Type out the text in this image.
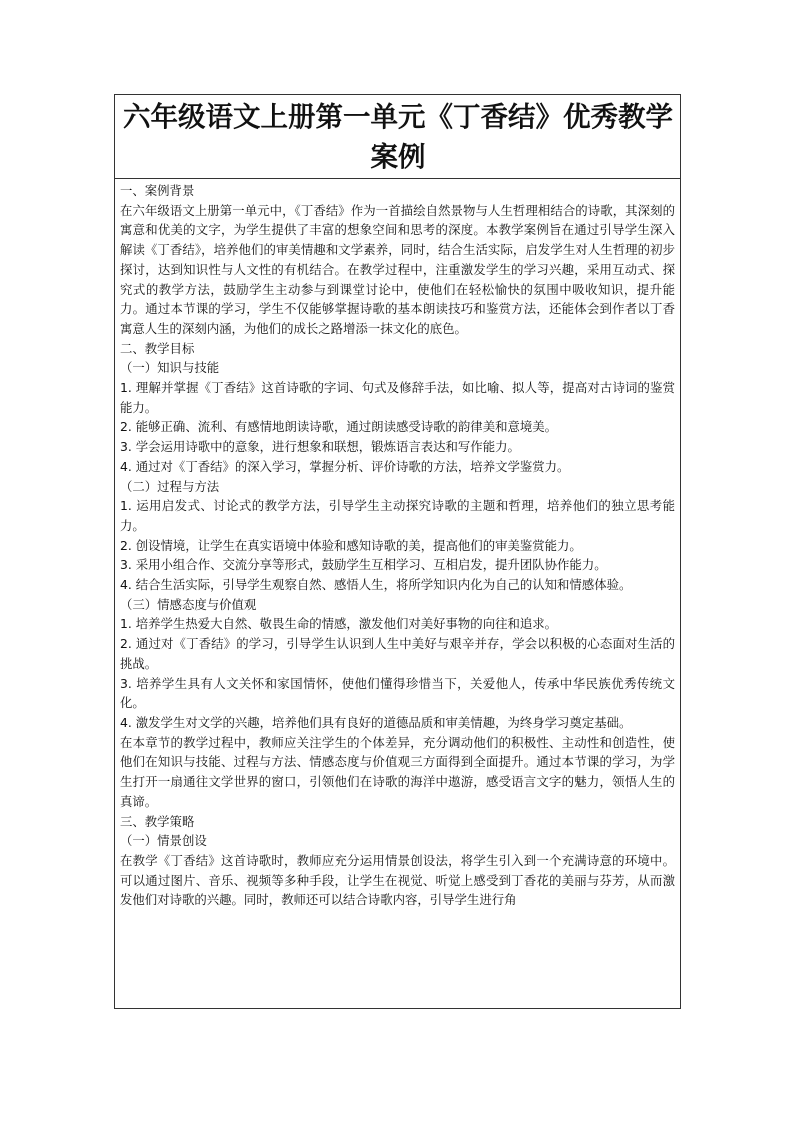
六年级语文上册第一单元《丁香结》优秀教学案例

一、案例背景

在六年级语文上册第一单元中，《丁香结》作为一首描绘自然景物与人生哲理相结合的诗歌，其深刻的寓意和优美的文字，为学生提供了丰富的想象空间和思考的深度。本教学案例旨在通过引导学生深入解读《丁香结》，培养他们的审美情趣和文学素养，同时，结合生活实际，启发学生对人生哲理的初步探讨，达到知识性与人文性的有机结合。在教学过程中，注重激发学生的学习兴趣，采用互动式、探究式的教学方法，鼓励学生主动参与到课堂讨论中，使他们在轻松愉快的氛围中吸收知识，提升能力。通过本节课的学习，学生不仅能够掌握诗歌的基本朗读技巧和鉴赏方法，还能体会到作者以丁香寓意人生的深刻内涵，为他们的成长之路增添一抹文化的底色。

二、教学目标

（一）知识与技能

1. 理解并掌握《丁香结》这首诗歌的字词、句式及修辞手法，如比喻、拟人等，提高对古诗词的鉴赏能力。

2. 能够正确、流利、有感情地朗读诗歌，通过朗读感受诗歌的韵律美和意境美。

3. 学会运用诗歌中的意象，进行想象和联想，锻炼语言表达和写作能力。

4. 通过对《丁香结》的深入学习，掌握分析、评价诗歌的方法，培养文学鉴赏力。

（二）过程与方法

1. 运用启发式、讨论式的教学方法，引导学生主动探究诗歌的主题和哲理，培养他们的独立思考能力。

2. 创设情境，让学生在真实语境中体验和感知诗歌的美，提高他们的审美鉴赏能力。

3. 采用小组合作、交流分享等形式，鼓励学生互相学习、互相启发，提升团队协作能力。

4. 结合生活实际，引导学生观察自然、感悟人生，将所学知识内化为自己的认知和情感体验。

（三）情感态度与价值观

1. 培养学生热爱大自然、敬畏生命的情感，激发他们对美好事物的向往和追求。

2. 通过对《丁香结》的学习，引导学生认识到人生中美好与艰辛并存，学会以积极的心态面对生活的挑战。

3. 培养学生具有人文关怀和家国情怀，使他们懂得珍惜当下，关爱他人，传承中华民族优秀传统文化。

4. 激发学生对文学的兴趣，培养他们具有良好的道德品质和审美情趣，为终身学习奠定基础。

在本章节的教学过程中，教师应关注学生的个体差异，充分调动他们的积极性、主动性和创造性，使他们在知识与技能、过程与方法、情感态度与价值观三方面得到全面提升。通过本节课的学习，为学生打开一扇通往文学世界的窗口，引领他们在诗歌的海洋中遨游，感受语言文字的魅力，领悟人生的真谛。

三、教学策略

（一）情景创设

在教学《丁香结》这首诗歌时，教师应充分运用情景创设法，将学生引入到一个充满诗意的环境中。可以通过图片、音乐、视频等多种手段，让学生在视觉、听觉上感受到丁香花的美丽与芬芳，从而激发他们对诗歌的兴趣。同时，教师还可以结合诗歌内容，引导学生进行角
